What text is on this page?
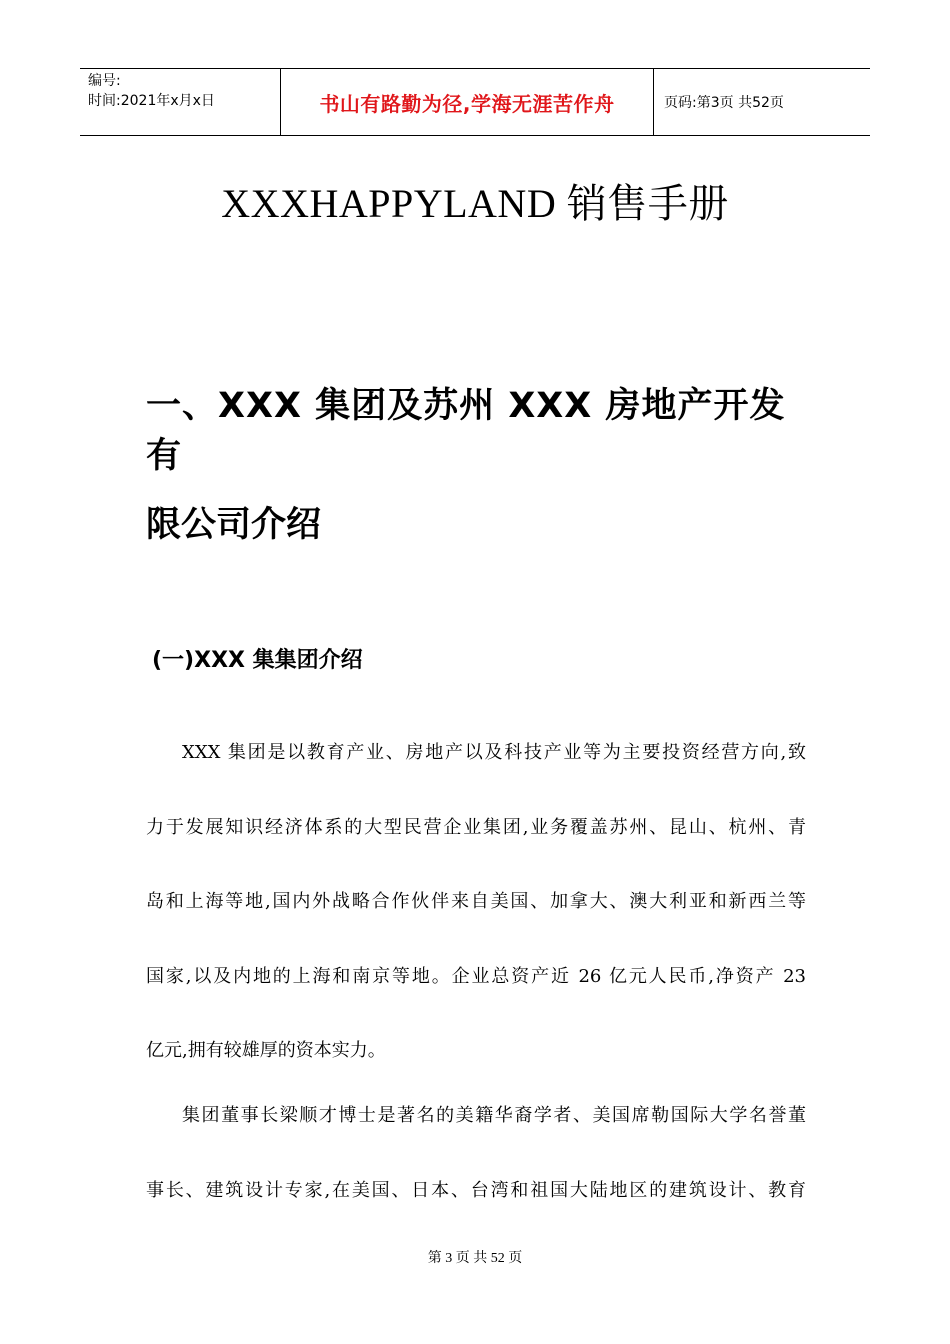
编号:
时间:2021年x月x日	书山有路勤为径,学海无涯苦作舟	页码:第3页 共52页
XXXHAPPYLAND 销售手册
一、XXX 集团及苏州 XXX 房地产开发有
限公司介绍
(一)XXX 集集团介绍
XXX 集团是以教育产业、房地产以及科技产业等为主要投资经营方向,致
力于发展知识经济体系的大型民营企业集团,业务覆盖苏州、昆山、杭州、青
岛和上海等地,国内外战略合作伙伴来自美国、加拿大、澳大利亚和新西兰等
国家,以及内地的上海和南京等地。企业总资产近 26 亿元人民币,净资产 23
亿元,拥有较雄厚的资本实力。
集团董事长梁顺才博士是著名的美籍华裔学者、美国席勒国际大学名誉董
事长、建筑设计专家,在美国、日本、台湾和祖国大陆地区的建筑设计、教育
第 3 页 共 52 页
